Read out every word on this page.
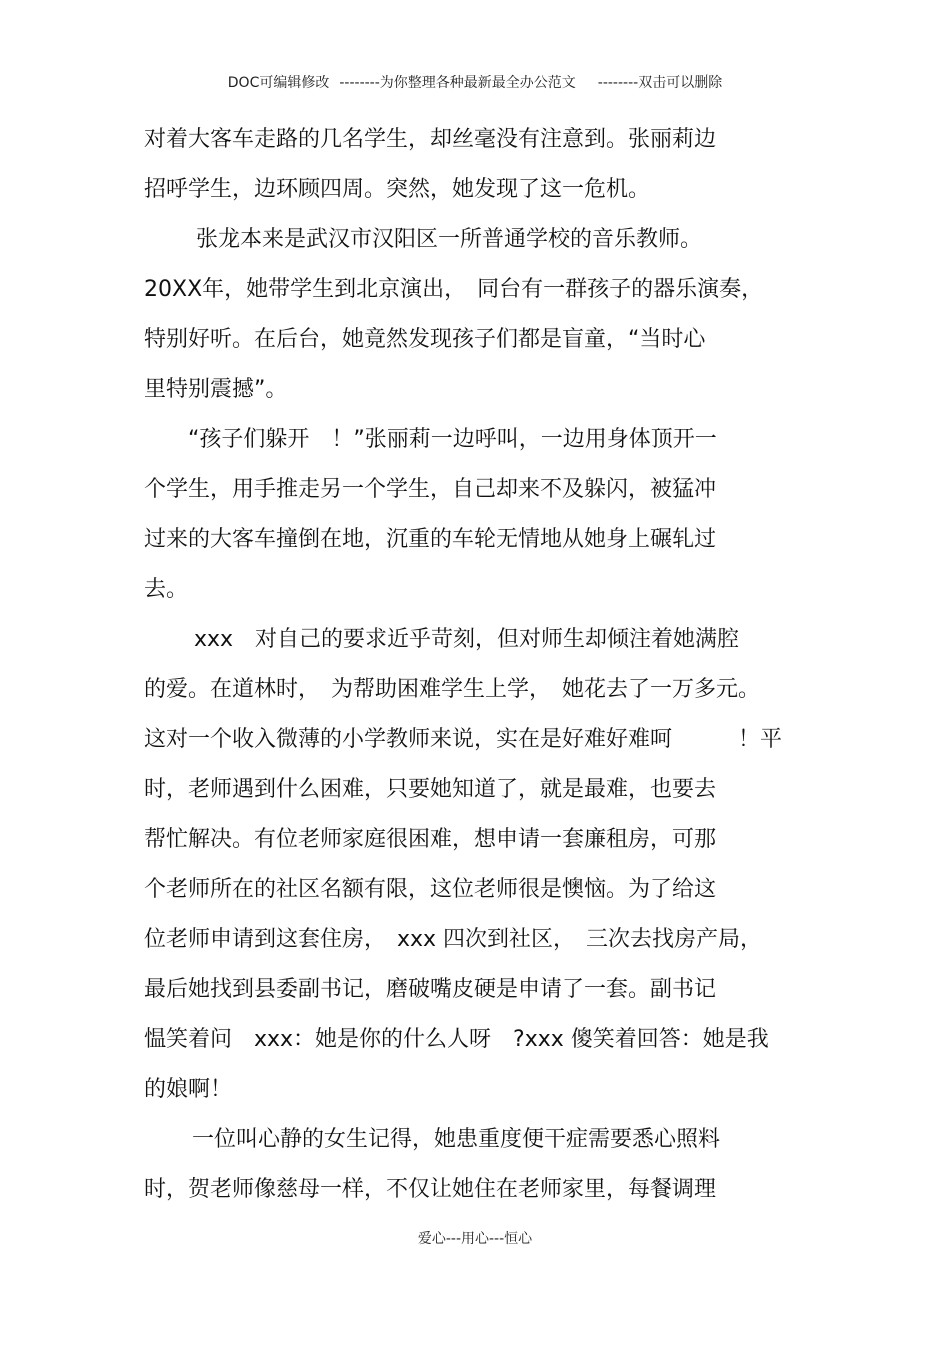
DOC可编辑修改 --------为你整理各种最新最全办公范文 --------双击可以删除
对着大客车走路的几名学生，却丝毫没有注意到。张丽莉边
招呼学生，边环顾四周。突然，她发现了这一危机。
张龙本来是武汉市汉阳区一所普通学校的音乐教师。
20XX年，她带学生到北京演出，　同台有一群孩子的器乐演奏，
特别好听。在后台，她竟然发现孩子们都是盲童，“当时心
里特别震撼”。
“孩子们躲开　！”张丽莉一边呼叫，一边用身体顶开一
个学生，用手推走另一个学生，自己却来不及躲闪，被猛冲
过来的大客车撞倒在地，沉重的车轮无情地从她身上碾轧过
去。
xxx　对自己的要求近乎苛刻，但对师生却倾注着她满腔
的爱。在道林时，　为帮助困难学生上学，　她花去了一万多元。
这对一个收入微薄的小学教师来说，实在是好难好难呵　　　！平
时，老师遇到什么困难，只要她知道了，就是最难，也要去
帮忙解决。有位老师家庭很困难，想申请一套廉租房，可那
个老师所在的社区名额有限，这位老师很是懊恼。为了给这
位老师申请到这套住房，　xxx 四次到社区，　三次去找房产局，
最后她找到县委副书记，磨破嘴皮硬是申请了一套。副书记
愠笑着问　xxx：她是你的什么人呀　?xxx 傻笑着回答：她是我
的娘啊！
一位叫心静的女生记得，她患重度便干症需要悉心照料
时，贺老师像慈母一样，不仅让她住在老师家里，每餐调理
爱心---用心---恒心
